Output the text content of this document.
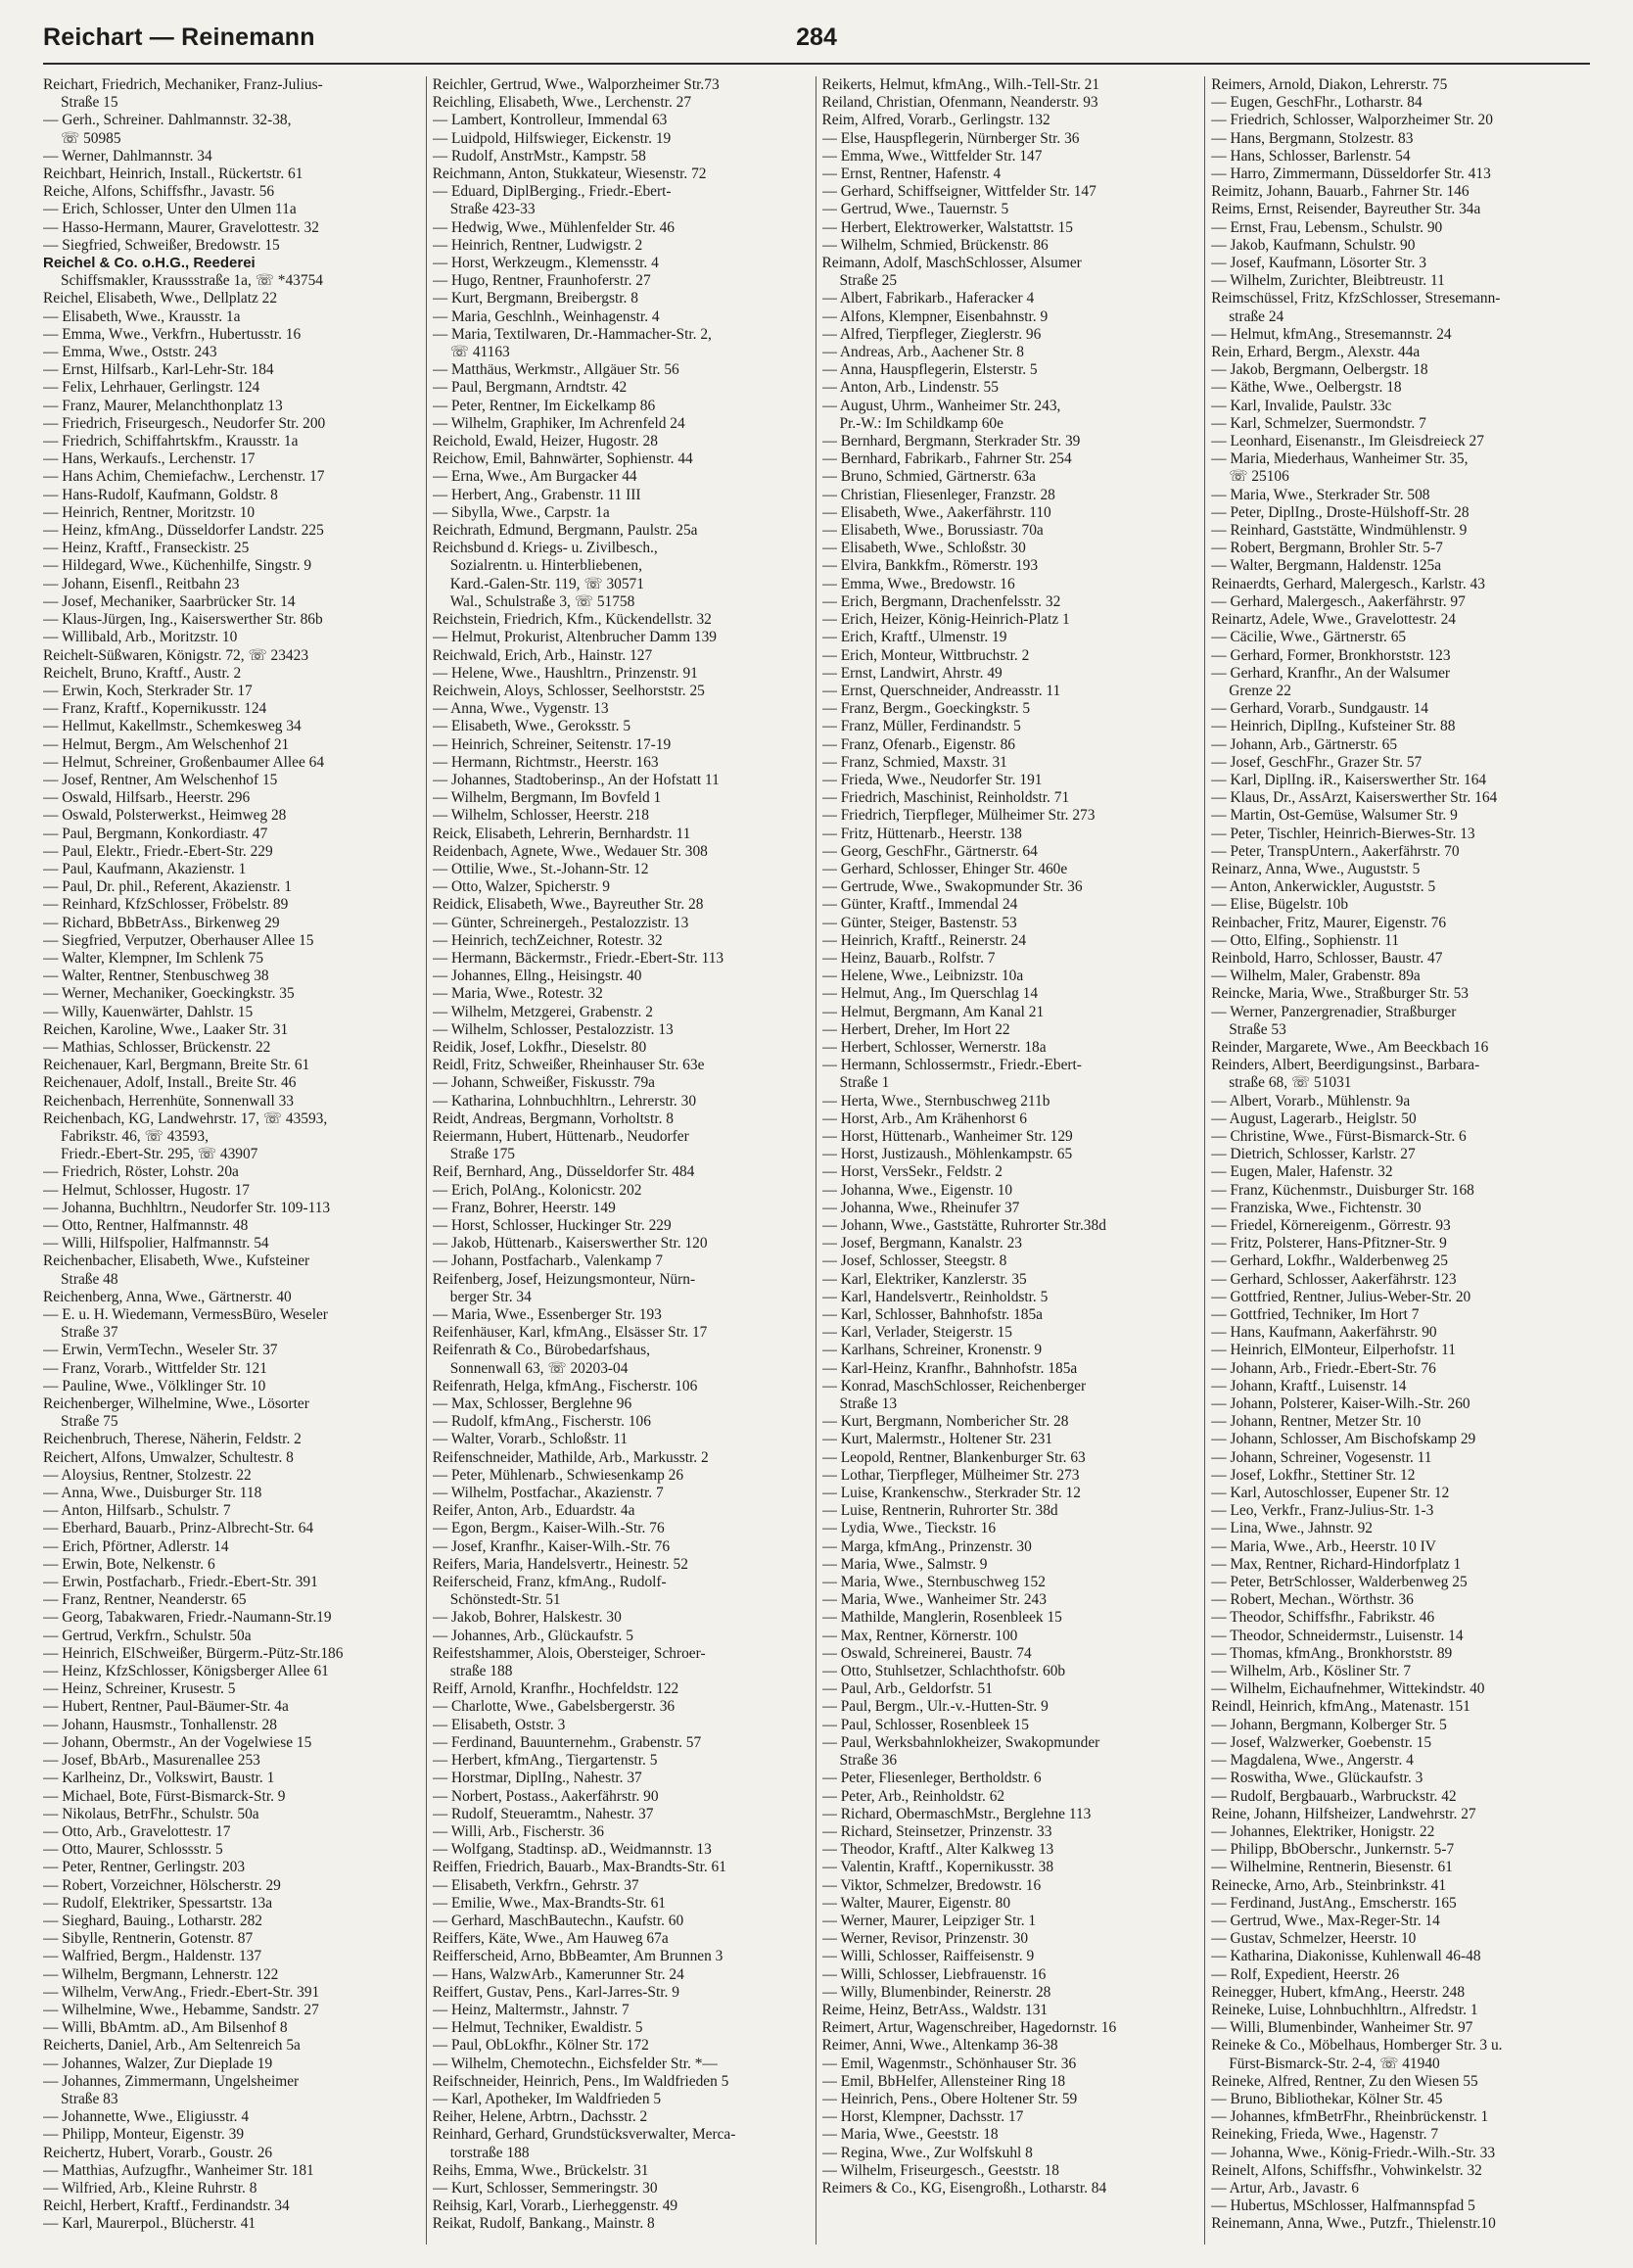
Reichart — Reinemann	284
Reichart, Friedrich, Mechaniker, Franz-Julius-
Straße 15
— Gerh., Schreiner. Dahlmannstr. 32-38,
☏ 50985
— Werner, Dahlmannstr. 34
Reichbart, Heinrich, Install., Rückertstr. 61
Reiche, Alfons, Schiffsfhr., Javastr. 56
— Erich, Schlosser, Unter den Ulmen 11a
— Hasso-Hermann, Maurer, Gravelottestr. 32
— Siegfried, Schweißer, Bredowstr. 15
Reichel & Co. o.H.G., Reederei
Schiffsmakler, Kraussstraße 1a, ☏ *43754
Reichel, Elisabeth, Wwe., Dellplatz 22
— Elisabeth, Wwe., Krausstr. 1a
— Emma, Wwe., Verkfrn., Hubertusstr. 16
— Emma, Wwe., Oststr. 243
— Ernst, Hilfsarb., Karl-Lehr-Str. 184
— Felix, Lehrhauer, Gerlingstr. 124
— Franz, Maurer, Melanchthonplatz 13
— Friedrich, Friseurgesch., Neudorfer Str. 200
— Friedrich, Schiffahrtskfm., Krausstr. 1a
— Hans, Werkaufs., Lerchenstr. 17
— Hans Achim, Chemiefachw., Lerchenstr. 17
— Hans-Rudolf, Kaufmann, Goldstr. 8
— Heinrich, Rentner, Moritzstr. 10
— Heinz, kfmAng., Düsseldorfer Landstr. 225
— Heinz, Kraftf., Franseckistr. 25
— Hildegard, Wwe., Küchenhilfe, Singstr. 9
— Johann, Eisenfl., Reitbahn 23
— Josef, Mechaniker, Saarbrücker Str. 14
— Klaus-Jürgen, Ing., Kaiserswerther Str. 86b
— Willibald, Arb., Moritzstr. 10
Reichelt-Süßwaren, Königstr. 72, ☏ 23423
Reichelt, Bruno, Kraftf., Austr. 2
— Erwin, Koch, Sterkrader Str. 17
— Franz, Kraftf., Kopernikusstr. 124
— Hellmut, Kakellmstr., Schemkesweg 34
— Helmut, Bergm., Am Welschenhof 21
— Helmut, Schreiner, Großenbaumer Allee 64
— Josef, Rentner, Am Welschenhof 15
— Oswald, Hilfsarb., Heerstr. 296
— Oswald, Polsterwerkst., Heimweg 28
— Paul, Bergmann, Konkordiastr. 47
— Paul, Elektr., Friedr.-Ebert-Str. 229
— Paul, Kaufmann, Akazienstr. 1
— Paul, Dr. phil., Referent, Akazienstr. 1
— Reinhard, KfzSchlosser, Fröbelstr. 89
— Richard, BbBetrAss., Birkenweg 29
— Siegfried, Verputzer, Oberhauser Allee 15
— Walter, Klempner, Im Schlenk 75
— Walter, Rentner, Stenbuschweg 38
— Werner, Mechaniker, Goeckingkstr. 35
— Willy, Kauenwärter, Dahlstr. 15
Reichen, Karoline, Wwe., Laaker Str. 31
— Mathias, Schlosser, Brückenstr. 22
Reichenauer, Karl, Bergmann, Breite Str. 61
Reichenauer, Adolf, Install., Breite Str. 46
Reichenbach, Herrenhüte, Sonnenwall 33
Reichenbach, KG, Landwehrstr. 17, ☏ 43593,
Fabrikstr. 46, ☏ 43593,
Friedr.-Ebert-Str. 295, ☏ 43907
— Friedrich, Röster, Lohstr. 20a
— Helmut, Schlosser, Hugostr. 17
— Johanna, Buchhltrn., Neudorfer Str. 109-113
— Otto, Rentner, Halfmannstr. 48
— Willi, Hilfspolier, Halfmannstr. 54
Reichenbacher, Elisabeth, Wwe., Kufsteiner
Straße 48
Reichenberg, Anna, Wwe., Gärtnerstr. 40
— E. u. H. Wiedemann, VermessBüro, Weseler
Straße 37
— Erwin, VermTechn., Weseler Str. 37
— Franz, Vorarb., Wittfelder Str. 121
— Pauline, Wwe., Völklinger Str. 10
Reichenberger, Wilhelmine, Wwe., Lösorter
Straße 75
Reichenbruch, Therese, Näherin, Feldstr. 2
Reichert, Alfons, Umwalzer, Schultestr. 8
— Aloysius, Rentner, Stolzestr. 22
— Anna, Wwe., Duisburger Str. 118
— Anton, Hilfsarb., Schulstr. 7
— Eberhard, Bauarb., Prinz-Albrecht-Str. 64
— Erich, Pförtner, Adlerstr. 14
— Erwin, Bote, Nelkenstr. 6
— Erwin, Postfacharb., Friedr.-Ebert-Str. 391
— Franz, Rentner, Neanderstr. 65
— Georg, Tabakwaren, Friedr.-Naumann-Str.19
— Gertrud, Verkfrn., Schulstr. 50a
— Heinrich, ElSchweißer, Bürgerm.-Pütz-Str.186
— Heinz, KfzSchlosser, Königsberger Allee 61
— Heinz, Schreiner, Krusestr. 5
— Hubert, Rentner, Paul-Bäumer-Str. 4a
— Johann, Hausmstr., Tonhallenstr. 28
— Johann, Obermstr., An der Vogelwiese 15
— Josef, BbArb., Masurenallee 253
— Karlheinz, Dr., Volkswirt, Baustr. 1
— Michael, Bote, Fürst-Bismarck-Str. 9
— Nikolaus, BetrFhr., Schulstr. 50a
— Otto, Arb., Gravelottestr. 17
— Otto, Maurer, Schlossstr. 5
— Peter, Rentner, Gerlingstr. 203
— Robert, Vorzeichner, Hölscherstr. 29
— Rudolf, Elektriker, Spessartstr. 13a
— Sieghard, Bauing., Lotharstr. 282
— Sibylle, Rentnerin, Gotenstr. 87
— Walfried, Bergm., Haldenstr. 137
— Wilhelm, Bergmann, Lehnerstr. 122
— Wilhelm, VerwAng., Friedr.-Ebert-Str. 391
— Wilhelmine, Wwe., Hebamme, Sandstr. 27
— Willi, BbAmtm. aD., Am Bilsenhof 8
Reicherts, Daniel, Arb., Am Seltenreich 5a
— Johannes, Walzer, Zur Dieplade 19
— Johannes, Zimmermann, Ungelsheimer
Straße 83
— Johannette, Wwe., Eligiusstr. 4
— Philipp, Monteur, Eigenstr. 39
Reichertz, Hubert, Vorarb., Goustr. 26
— Matthias, Aufzugfhr., Wanheimer Str. 181
— Wilfried, Arb., Kleine Ruhrstr. 8
Reichl, Herbert, Kraftf., Ferdinandstr. 34
— Karl, Maurerpol., Blücherstr. 41
Reichler, Gertrud, Wwe., Walporzheimer Str.73
Reichling, Elisabeth, Wwe., Lerchenstr. 27
— Lambert, Kontrolleur, Immendal 63
— Luidpold, Hilfswieger, Eickenstr. 19
— Rudolf, AnstrMstr., Kampstr. 58
Reichmann, Anton, Stukkateur, Wiesenstr. 72
— Eduard, DiplBerging., Friedr.-Ebert-
Straße 423-33
— Hedwig, Wwe., Mühlenfelder Str. 46
— Heinrich, Rentner, Ludwigstr. 2
— Horst, Werkzeugm., Klemensstr. 4
— Hugo, Rentner, Fraunhoferstr. 27
— Kurt, Bergmann, Breibergstr. 8
— Maria, Geschlnh., Weinhagenstr. 4
— Maria, Textilwaren, Dr.-Hammacher-Str. 2,
☏ 41163
— Matthäus, Werkmstr., Allgäuer Str. 56
— Paul, Bergmann, Arndtstr. 42
— Peter, Rentner, Im Eickelkamp 86
— Wilhelm, Graphiker, Im Achrenfeld 24
Reichold, Ewald, Heizer, Hugostr. 28
Reichow, Emil, Bahnwärter, Sophienstr. 44
— Erna, Wwe., Am Burgacker 44
— Herbert, Ang., Grabenstr. 11 III
— Sibylla, Wwe., Carpstr. 1a
Reichrath, Edmund, Bergmann, Paulstr. 25a
Reichsbund d. Kriegs- u. Zivilbesch.,
Sozialrentn. u. Hinterbliebenen,
Kard.-Galen-Str. 119, ☏ 30571
Wal., Schulstraße 3, ☏ 51758
Reichstein, Friedrich, Kfm., Kückendellstr. 32
— Helmut, Prokurist, Altenbrucher Damm 139
Reichwald, Erich, Arb., Hainstr. 127
— Helene, Wwe., Haushltrn., Prinzenstr. 91
Reichwein, Aloys, Schlosser, Seelhorststr. 25
— Anna, Wwe., Vygenstr. 13
— Elisabeth, Wwe., Geroksstr. 5
— Heinrich, Schreiner, Seitenstr. 17-19
— Hermann, Richtmstr., Heerstr. 163
— Johannes, Stadtoberinsp., An der Hofstatt 11
— Wilhelm, Bergmann, Im Bovfeld 1
— Wilhelm, Schlosser, Heerstr. 218
Reick, Elisabeth, Lehrerin, Bernhardstr. 11
Reidenbach, Agnete, Wwe., Wedauer Str. 308
— Ottilie, Wwe., St.-Johann-Str. 12
— Otto, Walzer, Spicherstr. 9
Reidick, Elisabeth, Wwe., Bayreuther Str. 28
— Günter, Schreinergeh., Pestalozzistr. 13
— Heinrich, techZeichner, Rotestr. 32
— Hermann, Bäckermstr., Friedr.-Ebert-Str. 113
— Johannes, Ellng., Heisingstr. 40
— Maria, Wwe., Rotestr. 32
— Wilhelm, Metzgerei, Grabenstr. 2
— Wilhelm, Schlosser, Pestalozzistr. 13
Reidik, Josef, Lokfhr., Dieselstr. 80
Reidl, Fritz, Schweißer, Rheinhauser Str. 63e
— Johann, Schweißer, Fiskusstr. 79a
— Katharina, Lohnbuchhltrn., Lehrerstr. 30
Reidt, Andreas, Bergmann, Vorholtstr. 8
Reiermann, Hubert, Hüttenarb., Neudorfer
Straße 175
Reif, Bernhard, Ang., Düsseldorfer Str. 484
— Erich, PolAng., Kolonicstr. 202
— Franz, Bohrer, Heerstr. 149
— Horst, Schlosser, Huckinger Str. 229
— Jakob, Hüttenarb., Kaiserswerther Str. 120
— Johann, Postfacharb., Valenkamp 7
Reifenberg, Josef, Heizungsmonteur, Nürn-
berger Str. 34
— Maria, Wwe., Essenberger Str. 193
Reifenhäuser, Karl, kfmAng., Elsässer Str. 17
Reifenrath & Co., Bürobedarfshaus,
Sonnenwall 63, ☏ 20203-04
Reifenrath, Helga, kfmAng., Fischerstr. 106
— Max, Schlosser, Berglehne 96
— Rudolf, kfmAng., Fischerstr. 106
— Walter, Vorarb., Schloßstr. 11
Reifenschneider, Mathilde, Arb., Markusstr. 2
— Peter, Mühlenarb., Schwiesenkamp 26
— Wilhelm, Postfachar., Akazienstr. 7
Reifer, Anton, Arb., Eduardstr. 4a
— Egon, Bergm., Kaiser-Wilh.-Str. 76
— Josef, Kranfhr., Kaiser-Wilh.-Str. 76
Reifers, Maria, Handelsvertr., Heinestr. 52
Reiferscheid, Franz, kfmAng., Rudolf-
Schönstedt-Str. 51
— Jakob, Bohrer, Halskestr. 30
— Johannes, Arb., Glückaufstr. 5
Reifestshammer, Alois, Obersteiger, Schroer-
straße 188
Reiff, Arnold, Kranfhr., Hochfeldstr. 122
— Charlotte, Wwe., Gabelsbergerstr. 36
— Elisabeth, Oststr. 3
— Ferdinand, Bauunternehm., Grabenstr. 57
— Herbert, kfmAng., Tiergartenstr. 5
— Horstmar, DiplIng., Nahestr. 37
— Norbert, Postass., Aakerfährstr. 90
— Rudolf, Steueramtm., Nahestr. 37
— Willi, Arb., Fischerstr. 36
— Wolfgang, Stadtinsp. aD., Weidmannstr. 13
Reiffen, Friedrich, Bauarb., Max-Brandts-Str. 61
— Elisabeth, Verkfrn., Gehrstr. 37
— Emilie, Wwe., Max-Brandts-Str. 61
— Gerhard, MaschBautechn., Kaufstr. 60
Reiffers, Käte, Wwe., Am Hauweg 67a
Reifferscheid, Arno, BbBeamter, Am Brunnen 3
— Hans, WalzwArb., Kamerunner Str. 24
Reiffert, Gustav, Pens., Karl-Jarres-Str. 9
— Heinz, Maltermstr., Jahnstr. 7
— Helmut, Techniker, Ewaldistr. 5
— Paul, ObLokfhr., Kölner Str. 172
— Wilhelm, Chemotechn., Eichsfelder Str. *—
Reifschneider, Heinrich, Pens., Im Waldfrieden 5
— Karl, Apotheker, Im Waldfrieden 5
Reiher, Helene, Arbtrn., Dachsstr. 2
Reinhard, Gerhard, Grundstücksverwalter, Merca-
torstraße 188
Reihs, Emma, Wwe., Brückelstr. 31
— Kurt, Schlosser, Semmeringstr. 30
Reihsig, Karl, Vorarb., Lierheggenstr. 49
Reikat, Rudolf, Bankang., Mainstr. 8
Reikerts, Helmut, kfmAng., Wilh.-Tell-Str. 21
Reiland, Christian, Ofenmann, Neanderstr. 93
Reim, Alfred, Vorarb., Gerlingstr. 132
— Else, Hauspflegerin, Nürnberger Str. 36
— Emma, Wwe., Wittfelder Str. 147
— Ernst, Rentner, Hafenstr. 4
— Gerhard, Schiffseigner, Wittfelder Str. 147
— Gertrud, Wwe., Tauernstr. 5
— Herbert, Elektrowerker, Walstattstr. 15
— Wilhelm, Schmied, Brückenstr. 86
Reimann, Adolf, MaschSchlosser, Alsumer
Straße 25
— Albert, Fabrikarb., Haferacker 4
— Alfons, Klempner, Eisenbahnstr. 9
— Alfred, Tierpfleger, Zieglerstr. 96
— Andreas, Arb., Aachener Str. 8
— Anna, Hauspflegerin, Elsterstr. 5
— Anton, Arb., Lindenstr. 55
— August, Uhrm., Wanheimer Str. 243,
Pr.-W.: Im Schildkamp 60e
— Bernhard, Bergmann, Sterkrader Str. 39
— Bernhard, Fabrikarb., Fahrner Str. 254
— Bruno, Schmied, Gärtnerstr. 63a
— Christian, Fliesenleger, Franzstr. 28
— Elisabeth, Wwe., Aakerfährstr. 110
— Elisabeth, Wwe., Borussiastr. 70a
— Elisabeth, Wwe., Schloßstr. 30
— Elvira, Bankkfm., Römerstr. 193
— Emma, Wwe., Bredowstr. 16
— Erich, Bergmann, Drachenfelsstr. 32
— Erich, Heizer, König-Heinrich-Platz 1
— Erich, Kraftf., Ulmenstr. 19
— Erich, Monteur, Wittbruchstr. 2
— Ernst, Landwirt, Ahrstr. 49
— Ernst, Querschneider, Andreasstr. 11
— Franz, Bergm., Goeckingkstr. 5
— Franz, Müller, Ferdinandstr. 5
— Franz, Ofenarb., Eigenstr. 86
— Franz, Schmied, Maxstr. 31
— Frieda, Wwe., Neudorfer Str. 191
— Friedrich, Maschinist, Reinholdstr. 71
— Friedrich, Tierpfleger, Mülheimer Str. 273
— Fritz, Hüttenarb., Heerstr. 138
— Georg, GeschFhr., Gärtnerstr. 64
— Gerhard, Schlosser, Ehinger Str. 460e
— Gertrude, Wwe., Swakopmunder Str. 36
— Günter, Kraftf., Immendal 24
— Günter, Steiger, Bastenstr. 53
— Heinrich, Kraftf., Reinerstr. 24
— Heinz, Bauarb., Rolfstr. 7
— Helene, Wwe., Leibnizstr. 10a
— Helmut, Ang., Im Querschlag 14
— Helmut, Bergmann, Am Kanal 21
— Herbert, Dreher, Im Hort 22
— Herbert, Schlosser, Wernerstr. 18a
— Hermann, Schlossermstr., Friedr.-Ebert-
Straße 1
— Herta, Wwe., Sternbuschweg 211b
— Horst, Arb., Am Krähenhorst 6
— Horst, Hüttenarb., Wanheimer Str. 129
— Horst, Justizaush., Möhlenkampstr. 65
— Horst, VersSekr., Feldstr. 2
— Johanna, Wwe., Eigenstr. 10
— Johanna, Wwe., Rheinufer 37
— Johann, Wwe., Gaststätte, Ruhrorter Str.38d
— Josef, Bergmann, Kanalstr. 23
— Josef, Schlosser, Steegstr. 8
— Karl, Elektriker, Kanzlerstr. 35
— Karl, Handelsvertr., Reinholdstr. 5
— Karl, Schlosser, Bahnhofstr. 185a
— Karl, Verlader, Steigerstr. 15
— Karlhans, Schreiner, Kronenstr. 9
— Karl-Heinz, Kranfhr., Bahnhofstr. 185a
— Konrad, MaschSchlosser, Reichenberger
Straße 13
— Kurt, Bergmann, Nombericher Str. 28
— Kurt, Malermstr., Holtener Str. 231
— Leopold, Rentner, Blankenburger Str. 63
— Lothar, Tierpfleger, Mülheimer Str. 273
— Luise, Krankenschw., Sterkrader Str. 12
— Luise, Rentnerin, Ruhrorter Str. 38d
— Lydia, Wwe., Tieckstr. 16
— Marga, kfmAng., Prinzenstr. 30
— Maria, Wwe., Salmstr. 9
— Maria, Wwe., Sternbuschweg 152
— Maria, Wwe., Wanheimer Str. 243
— Mathilde, Manglerin, Rosenbleek 15
— Max, Rentner, Körnerstr. 100
— Oswald, Schreinerei, Baustr. 74
— Otto, Stuhlsetzer, Schlachthofstr. 60b
— Paul, Arb., Geldorfstr. 51
— Paul, Bergm., Ulr.-v.-Hutten-Str. 9
— Paul, Schlosser, Rosenbleek 15
— Paul, Werksbahnlokheizer, Swakopmunder
Straße 36
— Peter, Fliesenleger, Bertholdstr. 6
— Peter, Arb., Reinholdstr. 62
— Richard, ObermaschMstr., Berglehne 113
— Richard, Steinsetzer, Prinzenstr. 33
— Theodor, Kraftf., Alter Kalkweg 13
— Valentin, Kraftf., Kopernikusstr. 38
— Viktor, Schmelzer, Bredowstr. 16
— Walter, Maurer, Eigenstr. 80
— Werner, Maurer, Leipziger Str. 1
— Werner, Revisor, Prinzenstr. 30
— Willi, Schlosser, Raiffeisenstr. 9
— Willi, Schlosser, Liebfrauenstr. 16
— Willy, Blumenbinder, Reinerstr. 28
Reime, Heinz, BetrAss., Waldstr. 131
Reimert, Artur, Wagenschreiber, Hagedornstr. 16
Reimer, Anni, Wwe., Altenkamp 36-38
— Emil, Wagenmstr., Schönhauser Str. 36
— Emil, BbHelfer, Allensteiner Ring 18
— Heinrich, Pens., Obere Holtener Str. 59
— Horst, Klempner, Dachsstr. 17
— Maria, Wwe., Geeststr. 18
— Regina, Wwe., Zur Wolfskuhl 8
— Wilhelm, Friseurgesch., Geeststr. 18
Reimers & Co., KG, Eisengroßh., Lotharstr. 84
Reimers, Arnold, Diakon, Lehrerstr. 75
— Eugen, GeschFhr., Lotharstr. 84
— Friedrich, Schlosser, Walporzheimer Str. 20
— Hans, Bergmann, Stolzestr. 83
— Hans, Schlosser, Barlenstr. 54
— Harro, Zimmermann, Düsseldorfer Str. 413
Reimitz, Johann, Bauarb., Fahrner Str. 146
Reims, Ernst, Reisender, Bayreuther Str. 34a
— Ernst, Frau, Lebensm., Schulstr. 90
— Jakob, Kaufmann, Schulstr. 90
— Josef, Kaufmann, Lösorter Str. 3
— Wilhelm, Zurichter, Bleibtreustr. 11
Reimschüssel, Fritz, KfzSchlosser, Stresemann-
straße 24
— Helmut, kfmAng., Stresemannstr. 24
Rein, Erhard, Bergm., Alexstr. 44a
— Jakob, Bergmann, Oelbergstr. 18
— Käthe, Wwe., Oelbergstr. 18
— Karl, Invalide, Paulstr. 33c
— Karl, Schmelzer, Suermondstr. 7
— Leonhard, Eisenanstr., Im Gleisdreieck 27
— Maria, Miederhaus, Wanheimer Str. 35,
☏ 25106
— Maria, Wwe., Sterkrader Str. 508
— Peter, DiplIng., Droste-Hülshoff-Str. 28
— Reinhard, Gaststätte, Windmühlenstr. 9
— Robert, Bergmann, Brohler Str. 5-7
— Walter, Bergmann, Haldenstr. 125a
Reinaerdts, Gerhard, Malergesch., Karlstr. 43
— Gerhard, Malergesch., Aakerfährstr. 97
Reinartz, Adele, Wwe., Gravelottestr. 24
— Cäcilie, Wwe., Gärtnerstr. 65
— Gerhard, Former, Bronkhorststr. 123
— Gerhard, Kranfhr., An der Walsumer
Grenze 22
— Gerhard, Vorarb., Sundgaustr. 14
— Heinrich, DiplIng., Kufsteiner Str. 88
— Johann, Arb., Gärtnerstr. 65
— Josef, GeschFhr., Grazer Str. 57
— Karl, DiplIng. iR., Kaiserswerther Str. 164
— Klaus, Dr., AssArzt, Kaiserswerther Str. 164
— Martin, Ost-Gemüse, Walsumer Str. 9
— Peter, Tischler, Heinrich-Bierwes-Str. 13
— Peter, TranspUntern., Aakerfährstr. 70
Reinarz, Anna, Wwe., Auguststr. 5
— Anton, Ankerwickler, Auguststr. 5
— Elise, Bügelstr. 10b
Reinbacher, Fritz, Maurer, Eigenstr. 76
— Otto, Elfing., Sophienstr. 11
Reinbold, Harro, Schlosser, Baustr. 47
— Wilhelm, Maler, Grabenstr. 89a
Reincke, Maria, Wwe., Straßburger Str. 53
— Werner, Panzergrenadier, Straßburger
Straße 53
Reinder, Margarete, Wwe., Am Beeckbach 16
Reinders, Albert, Beerdigungsinst., Barbara-
straße 68, ☏ 51031
— Albert, Vorarb., Mühlenstr. 9a
— August, Lagerarb., Heiglstr. 50
— Christine, Wwe., Fürst-Bismarck-Str. 6
— Dietrich, Schlosser, Karlstr. 27
— Eugen, Maler, Hafenstr. 32
— Franz, Küchenmstr., Duisburger Str. 168
— Franziska, Wwe., Fichtenstr. 30
— Friedel, Körnereigenm., Görrestr. 93
— Fritz, Polsterer, Hans-Pfitzner-Str. 9
— Gerhard, Lokfhr., Walderbenweg 25
— Gerhard, Schlosser, Aakerfährstr. 123
— Gottfried, Rentner, Julius-Weber-Str. 20
— Gottfried, Techniker, Im Hort 7
— Hans, Kaufmann, Aakerfährstr. 90
— Heinrich, ElMonteur, Eilperhofstr. 11
— Johann, Arb., Friedr.-Ebert-Str. 76
— Johann, Kraftf., Luisenstr. 14
— Johann, Polsterer, Kaiser-Wilh.-Str. 260
— Johann, Rentner, Metzer Str. 10
— Johann, Schlosser, Am Bischofskamp 29
— Johann, Schreiner, Vogesenstr. 11
— Josef, Lokfhr., Stettiner Str. 12
— Karl, Autoschlosser, Eupener Str. 12
— Leo, Verkfr., Franz-Julius-Str. 1-3
— Lina, Wwe., Jahnstr. 92
— Maria, Wwe., Arb., Heerstr. 10 IV
— Max, Rentner, Richard-Hindorfplatz 1
— Peter, BetrSchlosser, Walderbenweg 25
— Robert, Mechan., Wörthstr. 36
— Theodor, Schiffsfhr., Fabrikstr. 46
— Theodor, Schneidermstr., Luisenstr. 14
— Thomas, kfmAng., Bronkhorststr. 89
— Wilhelm, Arb., Kösliner Str. 7
— Wilhelm, Eichaufnehmer, Wittekindstr. 40
Reindl, Heinrich, kfmAng., Matenastr. 151
— Johann, Bergmann, Kolberger Str. 5
— Josef, Walzwerker, Goebenstr. 15
— Magdalena, Wwe., Angerstr. 4
— Roswitha, Wwe., Glückaufstr. 3
— Rudolf, Bergbauarb., Warbruckstr. 42
Reine, Johann, Hilfsheizer, Landwehrstr. 27
— Johannes, Elektriker, Honigstr. 22
— Philipp, BbOberschr., Junkernstr. 5-7
— Wilhelmine, Rentnerin, Biesenstr. 61
Reinecke, Arno, Arb., Steinbrinkstr. 41
— Ferdinand, JustAng., Emscherstr. 165
— Gertrud, Wwe., Max-Reger-Str. 14
— Gustav, Schmelzer, Heerstr. 10
— Katharina, Diakonisse, Kuhlenwall 46-48
— Rolf, Expedient, Heerstr. 26
Reinegger, Hubert, kfmAng., Heerstr. 248
Reineke, Luise, Lohnbuchhltrn., Alfredstr. 1
— Willi, Blumenbinder, Wanheimer Str. 97
Reineke & Co., Möbelhaus, Homberger Str. 3 u.
Fürst-Bismarck-Str. 2-4, ☏ 41940
Reineke, Alfred, Rentner, Zu den Wiesen 55
— Bruno, Bibliothekar, Kölner Str. 45
— Johannes, kfmBetrFhr., Rheinbrückenstr. 1
Reineking, Frieda, Wwe., Hagenstr. 7
— Johanna, Wwe., König-Friedr.-Wilh.-Str. 33
Reinelt, Alfons, Schiffsfhr., Vohwinkelstr. 32
— Artur, Arb., Javastr. 6
— Hubertus, MSchlosser, Halfmannspfad 5
Reinemann, Anna, Wwe., Putzfr., Thielenstr.10
